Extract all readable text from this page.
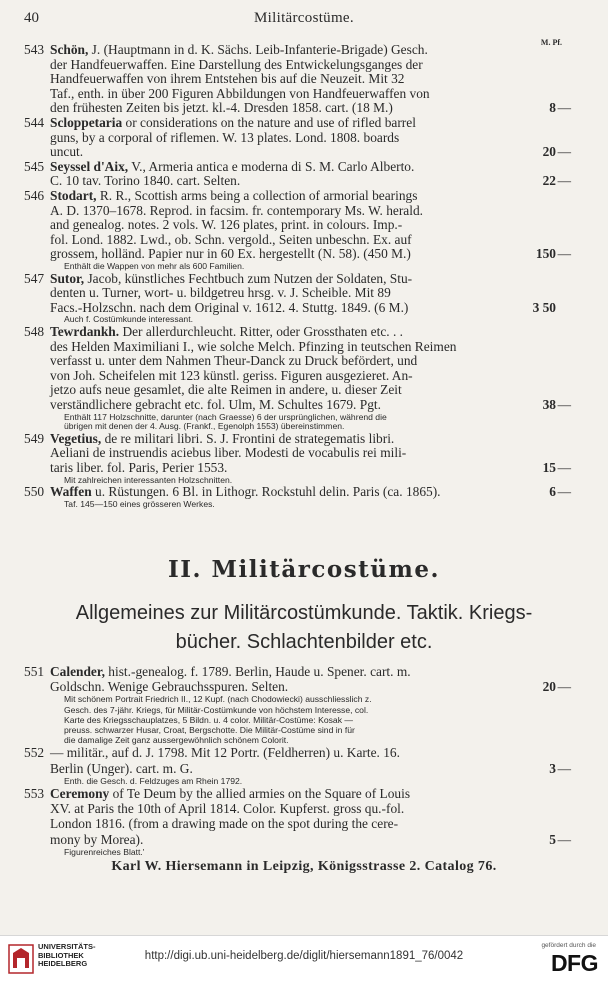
40	Militärcostüme.
M. Pf.
543 Schön, J. (Hauptmann in d. K. Sächs. Leib-Infanterie-Brigade) Gesch.
der Handfeuerwaffen. Eine Darstellung des Entwickelungsganges der
Handfeuerwaffen von ihrem Entstehen bis auf die Neuzeit. Mit 32
Taf., enth. in über 200 Figuren Abbildungen von Handfeuerwaffen von
den frühesten Zeiten bis jetzt. kl.-4. Dresden 1858. cart. (18 M.)	8 —
544 Scloppetaria or considerations on the nature and use of rifled barrel
guns, by a corporal of riflemen. W. 13 plates. Lond. 1808. boards
uncut.	20 —
545 Seyssel d'Aix, V., Armeria antica e moderna di S. M. Carlo Alberto.
C. 10 tav. Torino 1840. cart. Selten.	22 —
546 Stodart, R. R., Scottish arms being a collection of armorial bearings
A. D. 1370–1678. Reprod. in facsim. fr. contemporary Ms. W. herald.
and genealog. notes. 2 vols. W. 126 plates, print. in colours. Imp.-
fol. Lond. 1882. Lwd., ob. Schn. vergold., Seiten unbeschn. Ex. auf
grossem, holländ. Papier nur in 60 Ex. hergestellt (N. 58). (450 M.)	150 —
Enthält die Wappen von mehr als 600 Familien.
547 Sutor, Jacob, künstliches Fechtbuch zum Nutzen der Soldaten, Stu-
denten u. Turner, wort- u. bildgetreu hrsg. v. J. Scheible. Mit 89
Facs.-Holzschn. nach dem Original v. 1612. 4. Stuttg. 1849. (6 M.)	3 50
Auch f. Costümkunde interessant.
548 Tewrdankh. Der allerdurchleucht. Ritter, oder Grossthaten etc. . .
des Helden Maximiliani I., wie solche Melch. Pfinzing in teutschen Reimen
verfasst u. unter dem Nahmen Theur-Danck zu Druck befördert, und
von Joh. Scheifelen mit 123 künstl. geriss. Figuren ausgezieret. An-
jetzo aufs neue gesamlet, die alte Reimen in andere, u. dieser Zeit
verständlichere gebracht etc. fol. Ulm, M. Schultes 1679. Pgt.	38 —
Enthält 117 Holzschnitte, darunter (nach Graesse) 6 der ursprünglichen, während die
übrigen mit denen der 4. Ausg. (Frankf., Egenolph 1553) übereinstimmen.
549 Vegetius, de re militari libri. S. J. Frontini de strategematis libri.
Aeliani de instruendis aciebus liber. Modesti de vocabulis rei mili-
taris liber. fol. Paris, Perier 1553.	15 —
Mit zahlreichen interessanten Holzschnitten.
550 Waffen u. Rüstungen. 6 Bl. in Lithogr. Rockstuhl delin. Paris (ca. 1865).	6 —
Taf. 145—150 eines grösseren Werkes.
II. Militärcostüme.
Allgemeines zur Militärcostümkunde. Taktik. Kriegs-
bücher. Schlachtenbilder etc.
551 Calender, hist.-genealog. f. 1789. Berlin, Haude u. Spener. cart. m.
Goldschn. Wenige Gebrauchsspuren. Selten.	20 —
Mit schönem Portrait Friedrich II., 12 Kupf. (nach Chodowiecki) ausschliesslich z.
Gesch. des 7-jähr. Kriegs, für Militär-Costümkunde von höchstem Interesse, col.
Karte des Kriegsschauplatzes, 5 Bildn. u. 4 color. Militär-Costüme: Kosak —
preuss. schwarzer Husar, Croat, Bergschotte. Die Militär-Costüme sind in für
die damalige Zeit ganz aussergewöhnlich schönem Colorit.
552 — militär., auf d. J. 1798. Mit 12 Portr. (Feldherren) u. Karte. 16.
Berlin (Unger). cart. m. G.	3 —
Enth. die Gesch. d. Feldzuges am Rhein 1792.
553 Ceremony of Te Deum by the allied armies on the Square of Louis
XV. at Paris the 10th of April 1814. Color. Kupferst. gross qu.-fol.
London 1816. (from a drawing made on the spot during the cere-
mony by Morea).	5 —
Figurenreiches Blatt.'
Karl W. Hiersemann in Leipzig, Königsstrasse 2. Catalog 76.
UNIVERSITÄTS-
BIBLIOTHEK
HEIDELBERG
http://digi.ub.uni-heidelberg.de/diglit/hiersemann1891_76/0042
gefördert durch die
DFG
